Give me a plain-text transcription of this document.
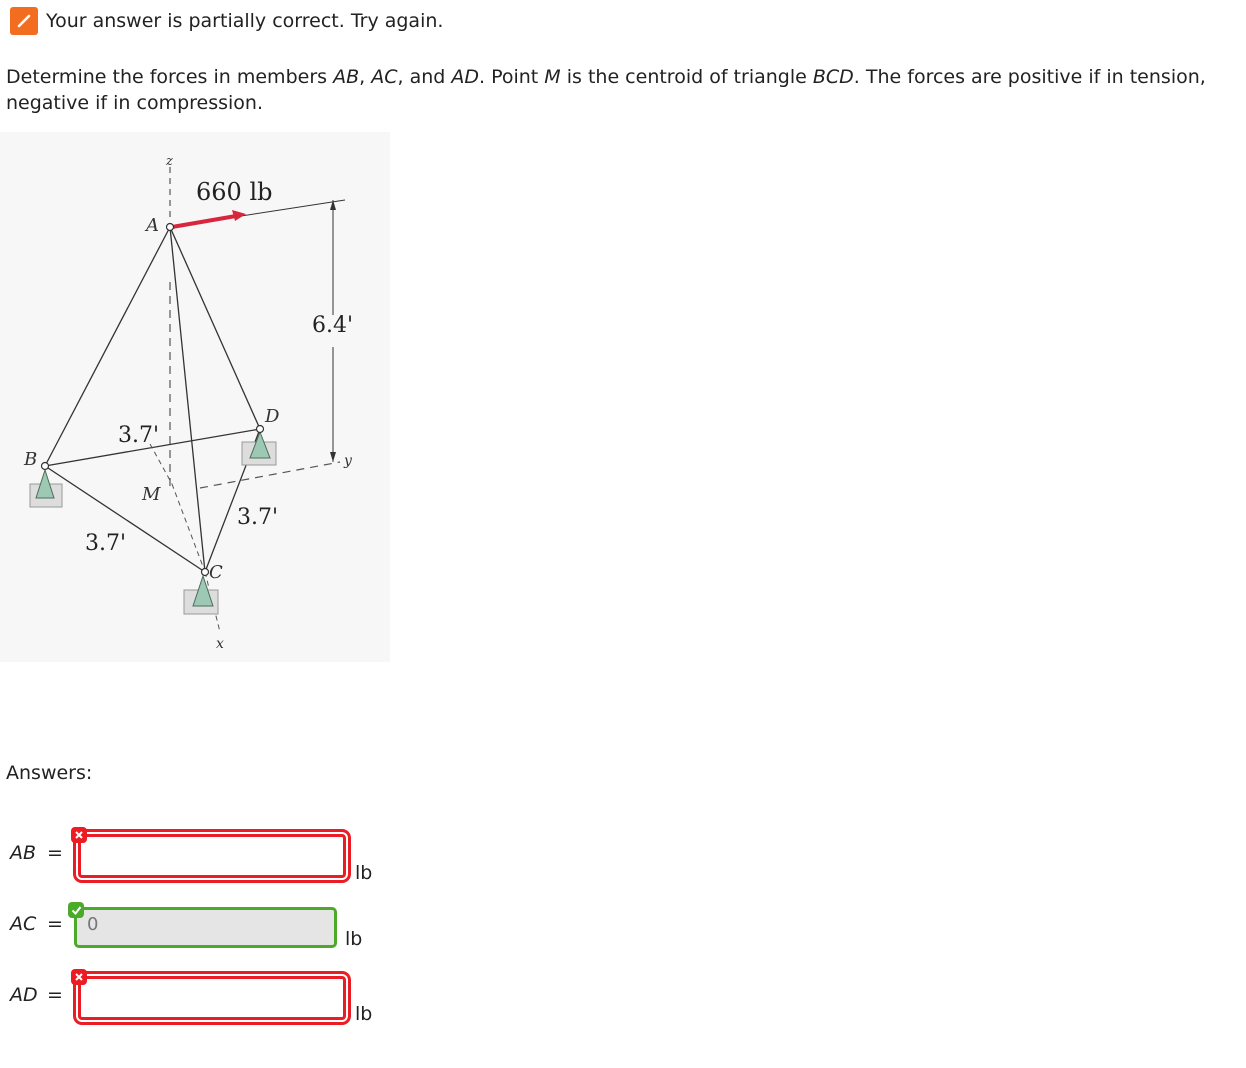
Your answer is partially correct. Try again.
Determine the forces in members AB, AC, and AD. Point M is the centroid of triangle BCD. The forces are positive if in tension, negative if in compression.
z
6.4'
y
x
660 lb
A
3.7'
3.7'
3.7'
B
D
C
M
Answers:
AB =
lb
AC =	0
lb
AD =
lb
